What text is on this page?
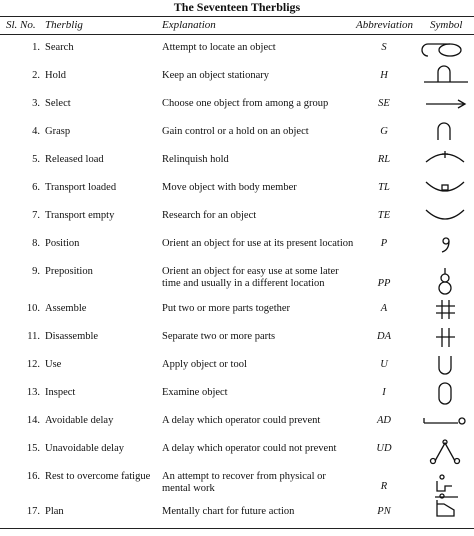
The Seventeen Therbligs
Sl. No. Therblig	Explanation	Abbreviation Symbol
1. Search	Attempt to locate an object	S
2. Hold	Keep an object stationary	H
3. Select	Choose one object from among a group	SE
4. Grasp	Gain control or a hold on an object	G
5. Released load	Relinquish hold	RL
6. Transport loaded	Move object with body member	TL
7. Transport empty	Research for an object	TE
8. Position	Orient an object for use at its present location	P
9. Preposition	Orient an object for easy use at some later time and usually in a different location	PP
10. Assemble	Put two or more parts together	A
11. Disassemble	Separate two or more parts	DA
12. Use	Apply object or tool	U
13. Inspect	Examine object	I
14. Avoidable delay	A delay which operator could prevent	AD
15. Unavoidable delay	A delay which operator could not prevent	UD
16. Rest to overcome fatigue	An attempt to recover from physical or mental work	R
17. Plan	Mentally chart for future action	PN
